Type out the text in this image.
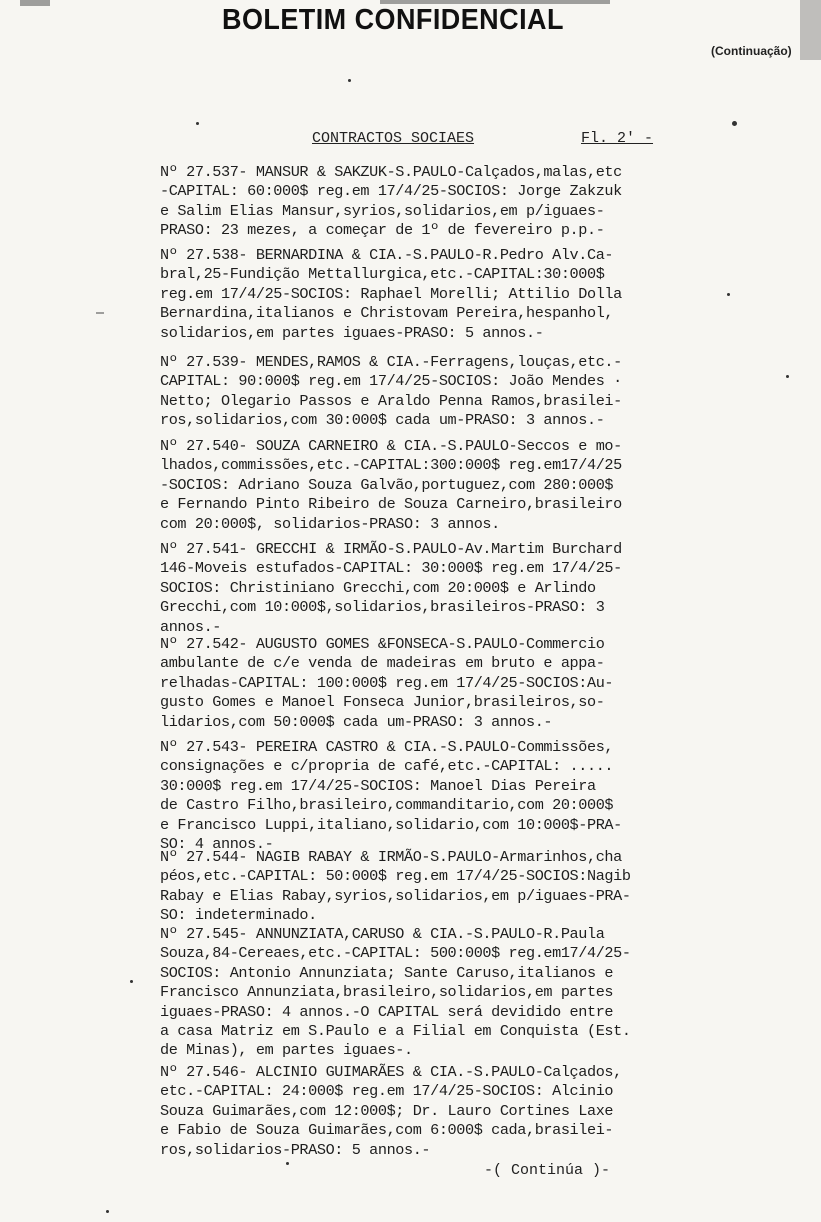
BOLETIM CONFIDENCIAL
(Continuação)
CONTRACTOS SOCIAES	Fl. 2' -
Nº 27.537- MANSUR & SAKZUK-S.PAULO-Calçados,malas,etc
-CAPITAL: 60:000$ reg.em 17/4/25-SOCIOS: Jorge Zakzuk
e Salim Elias Mansur,syrios,solidarios,em p/iguaes-
PRASO: 23 mezes, a começar de 1º de fevereiro p.p.-
Nº 27.538- BERNARDINA & CIA.-S.PAULO-R.Pedro Alv.Ca-
bral,25-Fundição Mettallurgica,etc.-CAPITAL:30:000$
reg.em 17/4/25-SOCIOS: Raphael Morelli; Attilio Dolla
Bernardina,italianos e Christovam Pereira,hespanhol,
solidarios,em partes iguaes-PRASO: 5 annos.-
Nº 27.539- MENDES,RAMOS & CIA.-Ferragens,louças,etc.-
CAPITAL: 90:000$ reg.em 17/4/25-SOCIOS: João Mendes ·
Netto; Olegario Passos e Araldo Penna Ramos,brasilei-
ros,solidarios,com 30:000$ cada um-PRASO: 3 annos.-
Nº 27.540- SOUZA CARNEIRO & CIA.-S.PAULO-Seccos e mo-
lhados,commissões,etc.-CAPITAL:300:000$ reg.em17/4/25
-SOCIOS: Adriano Souza Galvão,portuguez,com 280:000$
e Fernando Pinto Ribeiro de Souza Carneiro,brasileiro
com 20:000$, solidarios-PRASO: 3 annos.
Nº 27.541- GRECCHI & IRMÃO-S.PAULO-Av.Martim Burchard
146-Moveis estufados-CAPITAL: 30:000$ reg.em 17/4/25-
SOCIOS: Christiniano Grecchi,com 20:000$ e Arlindo
Grecchi,com 10:000$,solidarios,brasileiros-PRASO: 3
annos.-
Nº 27.542- AUGUSTO GOMES &FONSECA-S.PAULO-Commercio
ambulante de c/e venda de madeiras em bruto e appa-
relhadas-CAPITAL: 100:000$ reg.em 17/4/25-SOCIOS:Au-
gusto Gomes e Manoel Fonseca Junior,brasileiros,so-
lidarios,com 50:000$ cada um-PRASO: 3 annos.-
Nº 27.543- PEREIRA CASTRO & CIA.-S.PAULO-Commissões,
consignações e c/propria de café,etc.-CAPITAL: .....
30:000$ reg.em 17/4/25-SOCIOS: Manoel Dias Pereira
de Castro Filho,brasileiro,commanditario,com 20:000$
e Francisco Luppi,italiano,solidario,com 10:000$-PRA-
SO: 4 annos.-
Nº 27.544- NAGIB RABAY & IRMÃO-S.PAULO-Armarinhos,cha
péos,etc.-CAPITAL: 50:000$ reg.em 17/4/25-SOCIOS:Nagib
Rabay e Elias Rabay,syrios,solidarios,em p/iguaes-PRA-
SO: indeterminado.
Nº 27.545- ANNUNZIATA,CARUSO & CIA.-S.PAULO-R.Paula
Souza,84-Cereaes,etc.-CAPITAL: 500:000$ reg.em17/4/25-
SOCIOS: Antonio Annunziata; Sante Caruso,italianos e
Francisco Annunziata,brasileiro,solidarios,em partes
iguaes-PRASO: 4 annos.-O CAPITAL será devidido entre
a casa Matriz em S.Paulo e a Filial em Conquista (Est.
de Minas), em partes iguaes-.
Nº 27.546- ALCINIO GUIMARÃES & CIA.-S.PAULO-Calçados,
etc.-CAPITAL: 24:000$ reg.em 17/4/25-SOCIOS: Alcinio
Souza Guimarães,com 12:000$; Dr. Lauro Cortines Laxe
e Fabio de Souza Guimarães,com 6:000$ cada,brasilei-
ros,solidarios-PRASO: 5 annos.-
-( Continúa )-
